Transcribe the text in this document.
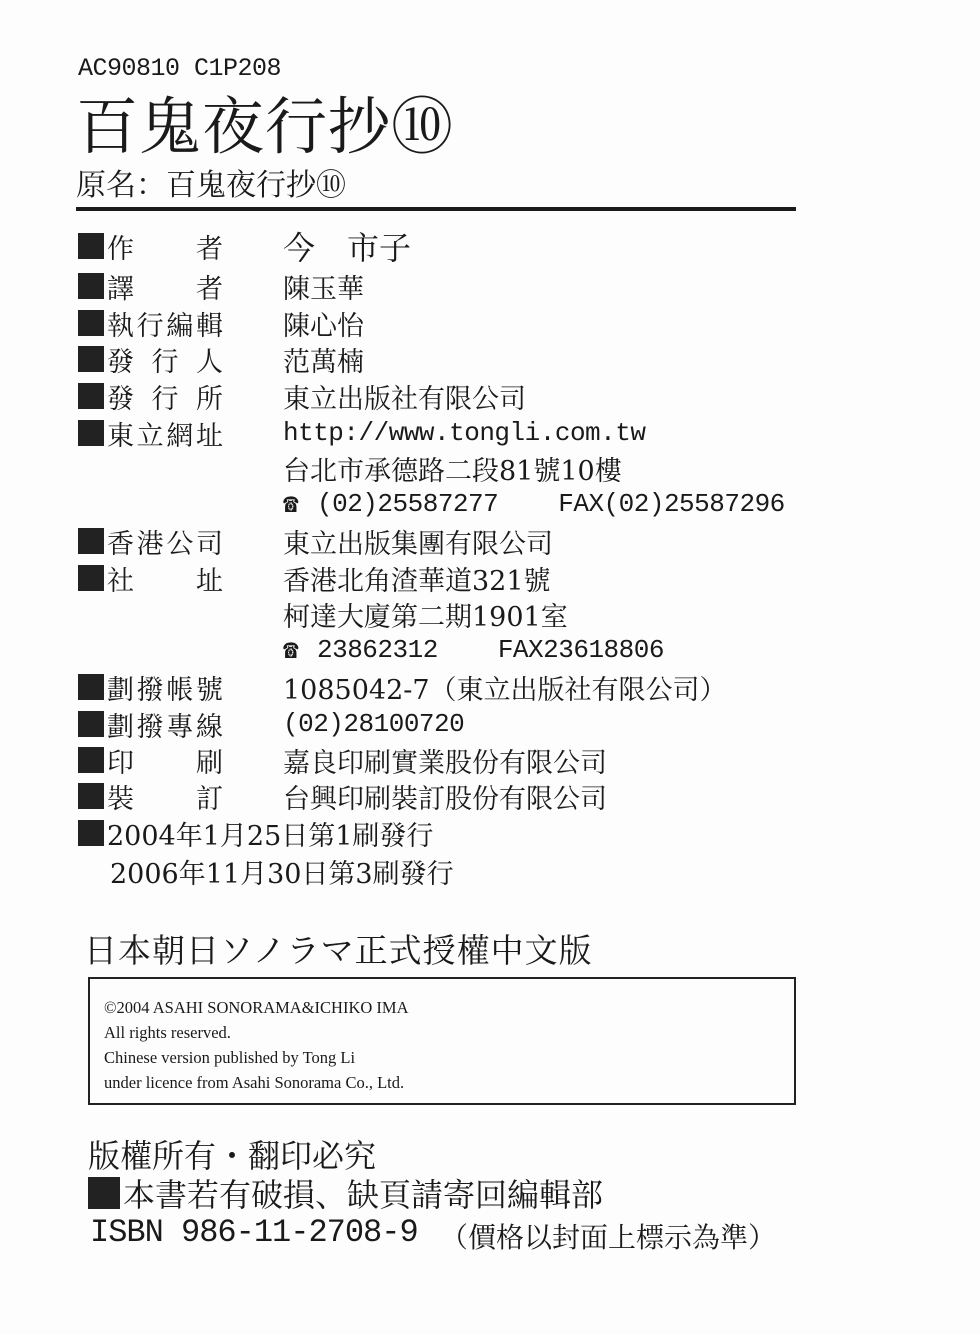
AC90810 C1P208
百鬼夜行抄⑩
原名：百鬼夜行抄⑩
作 者 今　市子
譯 者 陳玉華
執 行 編 輯 陳心怡
發 行 人 范萬楠
發 行 所 東立出版社有限公司
東 立 網 址 http://www.tongli.com.tw
台北市承德路二段81號10樓
☎ (02)25587277 FAX(02)25587296
香 港 公 司 東立出版集團有限公司
社 址 香港北角渣華道321號
柯達大廈第二期1901室
☎ 23862312 FAX23618806
劃 撥 帳 號 1085042-7（東立出版社有限公司）
劃 撥 專 線 (02)28100720
印 刷 嘉良印刷實業股份有限公司
裝 訂 台興印刷裝訂股份有限公司
2004年1月25日第1刷發行
2006年11月30日第3刷發行
日本朝日ソノラマ正式授權中文版
©2004 ASAHI SONORAMA&ICHIKO IMA
All rights reserved.
Chinese version published by Tong Li
under licence from Asahi Sonorama Co., Ltd.
版權所有・翻印必究
本書若有破損、缺頁請寄回編輯部
ISBN 986-11-2708-9 （價格以封面上標示為準）
